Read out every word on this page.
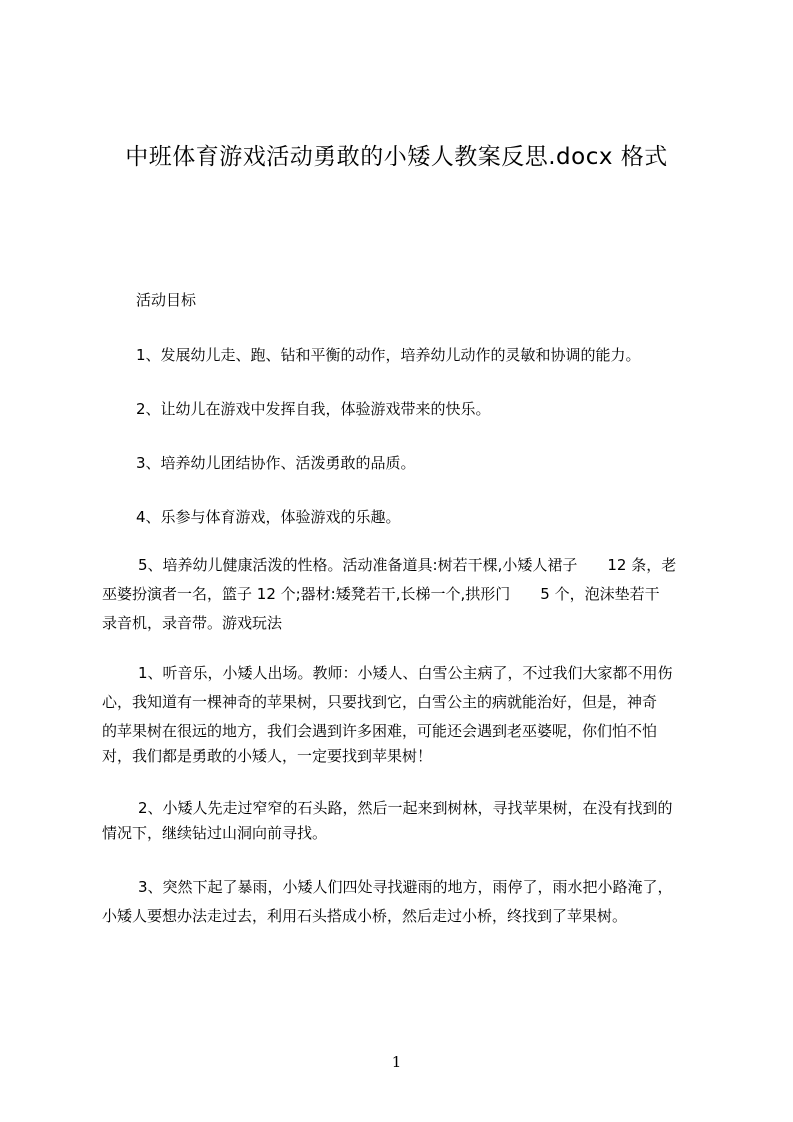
中班体育游戏活动勇敢的小矮人教案反思.docx 格式
活动目标
1、发展幼儿走、跑、钻和平衡的动作，培养幼儿动作的灵敏和协调的能力。
2、让幼儿在游戏中发挥自我，体验游戏带来的快乐。
3、培养幼儿团结协作、活泼勇敢的品质。
4、乐参与体育游戏，体验游戏的乐趣。
5、培养幼儿健康活泼的性格。活动准备道具:树若干棵,小矮人裙子　　12 条，老
巫婆扮演者一名，篮子 12 个;器材:矮凳若干,长梯一个,拱形门　　5 个，泡沫垫若干
录音机，录音带。游戏玩法
1、听音乐，小矮人出场。教师：小矮人、白雪公主病了，不过我们大家都不用伤
心，我知道有一棵神奇的苹果树，只要找到它，白雪公主的病就能治好，但是，神奇
的苹果树在很远的地方，我们会遇到许多困难，可能还会遇到老巫婆呢，你们怕不怕
对，我们都是勇敢的小矮人，一定要找到苹果树！
2、小矮人先走过窄窄的石头路，然后一起来到树林，寻找苹果树，在没有找到的
情况下，继续钻过山洞向前寻找。
3、突然下起了暴雨，小矮人们四处寻找避雨的地方，雨停了，雨水把小路淹了，
小矮人要想办法走过去，利用石头搭成小桥，然后走过小桥，终找到了苹果树。
1
